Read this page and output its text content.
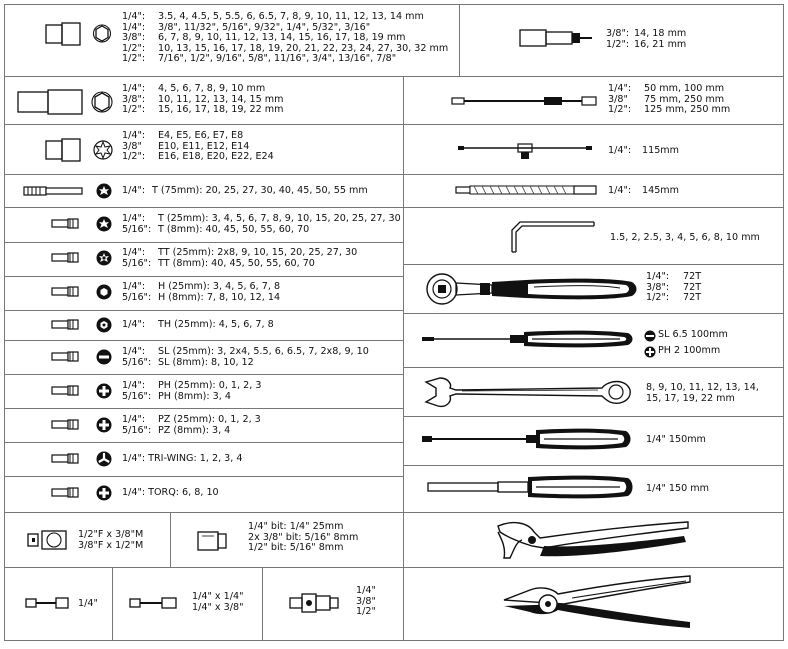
1/4":
1/4":
3/8":
1/2":
1/2":
3.5, 4, 4.5, 5, 5.5, 6, 6.5, 7, 8, 9, 10, 11, 12, 13, 14 mm
3/8", 11/32", 5/16", 9/32", 1/4", 5/32", 3/16"
6, 7, 8, 9, 10, 11, 12, 13, 14, 15, 16, 17, 18, 19 mm
10, 13, 15, 16, 17, 18, 19, 20, 21, 22, 23, 24, 27, 30, 32 mm
7/16", 1/2", 9/16", 5/8", 11/16", 3/4", 13/16", 7/8"
3/8":
1/2":
14, 18 mm
16, 21 mm
1/4":
3/8":
1/2":
4, 5, 6, 7, 8, 9, 10 mm
10, 11, 12, 13, 14, 15 mm
15, 16, 17, 18, 19, 22 mm
1/4":
3/8"
1/2":
E4, E5, E6, E7, E8
E10, E11, E12, E14
E16, E18, E20, E22, E24
1/4": T (75mm): 20, 25, 27, 30, 40, 45, 50, 55 mm
1/4":
5/16":
T (25mm): 3, 4, 5, 6, 7, 8, 9, 10, 15, 20, 25, 27, 30
T (8mm): 40, 45, 50, 55, 60, 70
1/4":
5/16":
TT (25mm): 2x8, 9, 10, 15, 20, 25, 27, 30
TT (8mm): 40, 45, 50, 55, 60, 70
1/4":
5/16":
H (25mm): 3, 4, 5, 6, 7, 8
H (8mm): 7, 8, 10, 12, 14
1/4": TH (25mm): 4, 5, 6, 7, 8
1/4":
5/16":
SL (25mm): 3, 2x4, 5.5, 6, 6.5, 7, 2x8, 9, 10
SL (8mm): 8, 10, 12
1/4":
5/16":
PH (25mm): 0, 1, 2, 3
PH (8mm): 3, 4
1/4":
5/16":
PZ (25mm): 0, 1, 2, 3
PZ (8mm): 3, 4
1/4": TRI-WING: 1, 2, 3, 4
1/4": TORQ: 6, 8, 10
1/4":
3/8"
1/2":
50 mm, 100 mm
75 mm, 250 mm
125 mm, 250 mm
1/4": 115mm
1/4": 145mm
1.5, 2, 2.5, 3, 4, 5, 6, 8, 10 mm
1/4":
3/8":
1/2":
72T
72T
72T
SL 6.5 100mm
PH 2 100mm
8, 9, 10, 11, 12, 13, 14,
15, 17, 19, 22 mm
1/4" 150mm
1/4" 150 mm
1/2"F x 3/8"M
3/8"F x 1/2"M
1/4" bit: 1/4" 25mm
2x 3/8" bit: 5/16" 8mm
1/2" bit: 5/16" 8mm
1/4"
1/4" x 1/4"
1/4" x 3/8"
1/4"
3/8"
1/2"
